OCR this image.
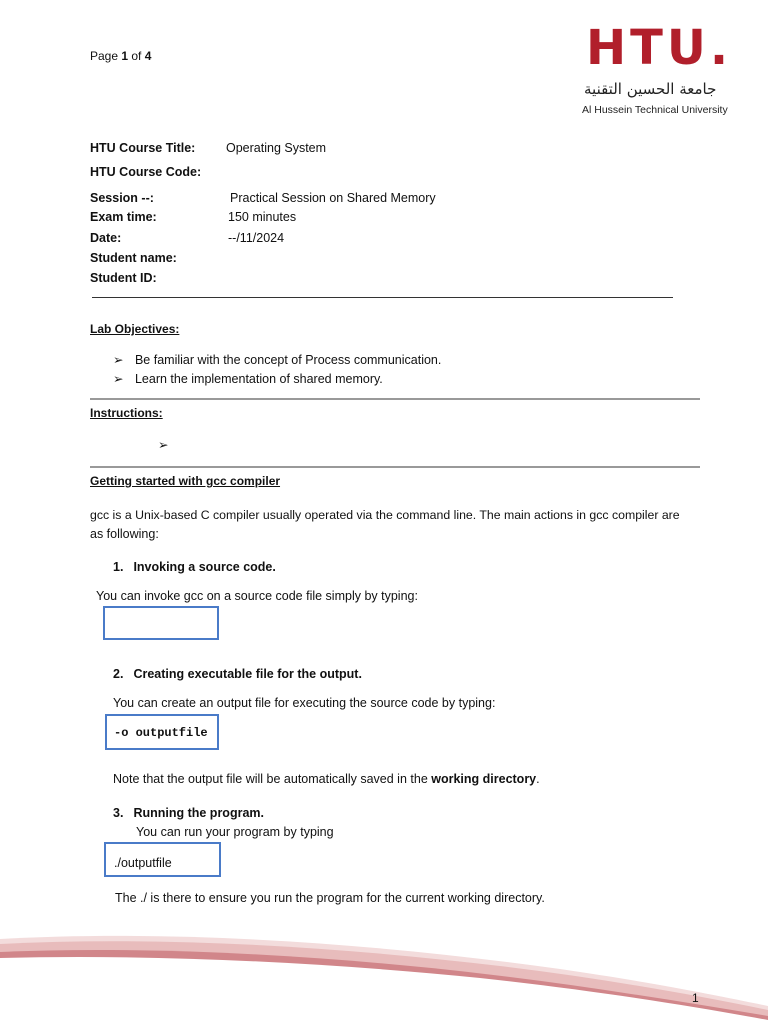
Page 1 of 4	HTU.
جامعة الحسين التقنية
Al Hussein Technical University
HTU Course Title: Operating System
HTU Course Code:
Session --:	Practical Session on Shared Memory
Exam time:	150 minutes
Date:	--/11/2024
Student name:
Student ID:
Lab Objectives:
➢ Be familiar with the concept of Process communication.
➢ Learn the implementation of shared memory.
Instructions:
➢
Getting started with gcc compiler
gcc is a Unix-based C compiler usually operated via the command line. The main actions in gcc compiler are
as following:
1. Invoking a source code.
You can invoke gcc on a source code file simply by typing:
2. Creating executable file for the output.
You can create an output file for executing the source code by typing:
-o outputfile
Note that the output file will be automatically saved in the working directory.
3. Running the program.
You can run your program by typing
./outputfile
The ./ is there to ensure you run the program for the current working directory.
1
